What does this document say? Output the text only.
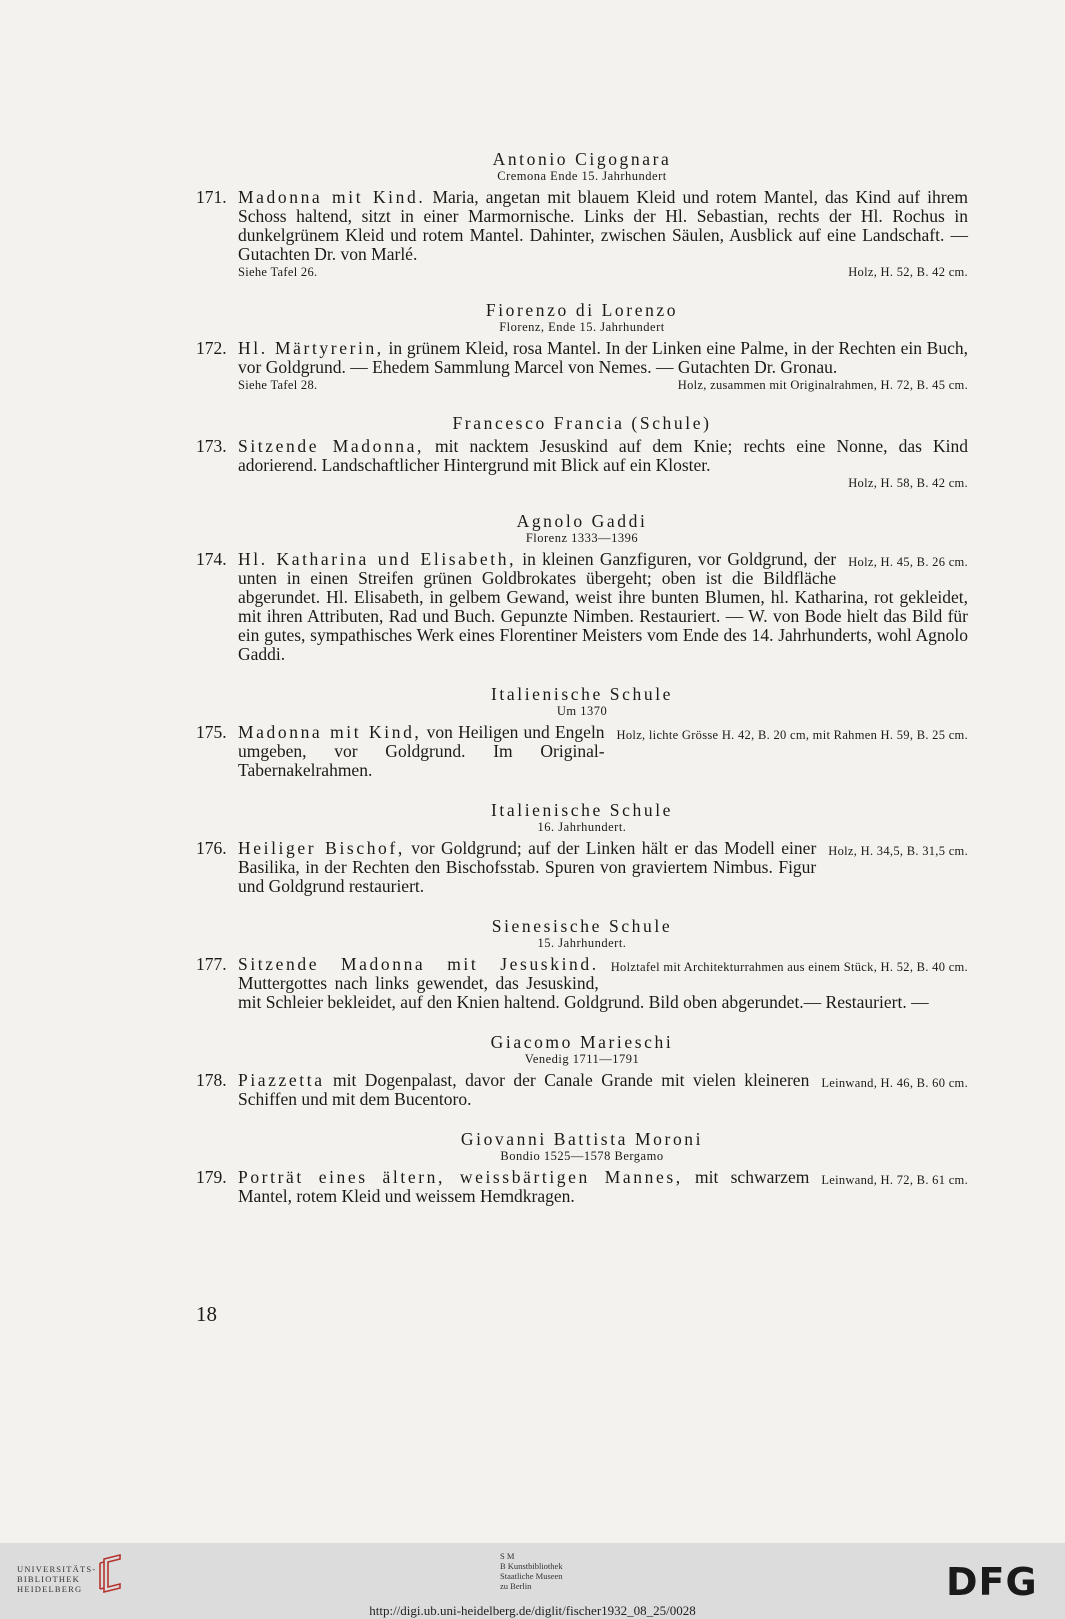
Antonio Cigognara

Cremona Ende 15. Jahrhundert

171. Madonna mit Kind. Maria, angetan mit blauem Kleid und rotem Mantel, das Kind auf ihrem Schoss haltend, sitzt in einer Marmornische. Links der Hl. Sebastian, rechts der Hl. Rochus in dunkelgrünem Kleid und rotem Mantel. Dahinter, zwischen Säulen, Ausblick auf eine Landschaft. — Gutachten Dr. von Marlé.
Siehe Tafel 26.	Holz, H. 52, B. 42 cm.

Fiorenzo di Lorenzo

Florenz, Ende 15. Jahrhundert

172. Hl. Märtyrerin, in grünem Kleid, rosa Mantel. In der Linken eine Palme, in der Rechten ein Buch, vor Goldgrund. — Ehedem Sammlung Marcel von Nemes. — Gutachten Dr. Gronau.
Siehe Tafel 28.	Holz, zusammen mit Originalrahmen, H. 72, B. 45 cm.

Francesco Francia (Schule)

173. Sitzende Madonna, mit nacktem Jesuskind auf dem Knie; rechts eine Nonne, das Kind adorierend. Landschaftlicher Hintergrund mit Blick auf ein Kloster.
Holz, H. 58, B. 42 cm.

Agnolo Gaddi

Florenz 1333—1396

174.	Holz, H. 45, B. 26 cm.
Hl. Katharina und Elisabeth, in kleinen Ganzfiguren, vor Goldgrund, der unten in einen Streifen grünen Goldbrokates übergeht; oben ist die Bildfläche abgerundet. Hl. Elisabeth, in gelbem Gewand, weist ihre bunten Blumen, hl. Katharina, rot gekleidet, mit ihren Attributen, Rad und Buch. Gepunzte Nimben. Restauriert. — W. von Bode hielt das Bild für ein gutes, sympathisches Werk eines Florentiner Meisters vom Ende des 14. Jahrhunderts, wohl Agnolo Gaddi.

Italienische Schule

Um 1370

175.	Holz, lichte Grösse H. 42, B. 20 cm, mit Rahmen H. 59, B. 25 cm.
Madonna mit Kind, von Heiligen und Engeln umgeben, vor Goldgrund. Im Original-Tabernakelrahmen.

Italienische Schule

16. Jahrhundert.

176.	Holz, H. 34,5, B. 31,5 cm.
Heiliger Bischof, vor Goldgrund; auf der Linken hält er das Modell einer Basilika, in der Rechten den Bischofsstab. Spuren von graviertem Nimbus. Figur und Goldgrund restauriert.

Sienesische Schule

15. Jahrhundert.

177.	Holztafel mit Architekturrahmen aus einem Stück, H. 52, B. 40 cm.
Sitzende Madonna mit Jesuskind. Muttergottes nach links gewendet, das Jesuskind, mit Schleier bekleidet, auf den Knien haltend. Goldgrund. Bild oben abgerundet.— Restauriert. —

Giacomo Marieschi

Venedig 1711—1791

178.	Leinwand, H. 46, B. 60 cm.
Piazzetta mit Dogenpalast, davor der Canale Grande mit vielen kleineren Schiffen und mit dem Bucentoro.

Giovanni Battista Moroni

Bondio 1525—1578 Bergamo

179.	Leinwand, H. 72, B. 61 cm.
Porträt eines ältern, weissbärtigen Mannes, mit schwarzem Mantel, rotem Kleid und weissem Hemdkragen.
18
UNIVERSITÄTS-
BIBLIOTHEK
HEIDELBERG
S M
B Kunstbibliothek
Staatliche Museen
zu Berlin	DFG
http://digi.ub.uni-heidelberg.de/diglit/fischer1932_08_25/0028
